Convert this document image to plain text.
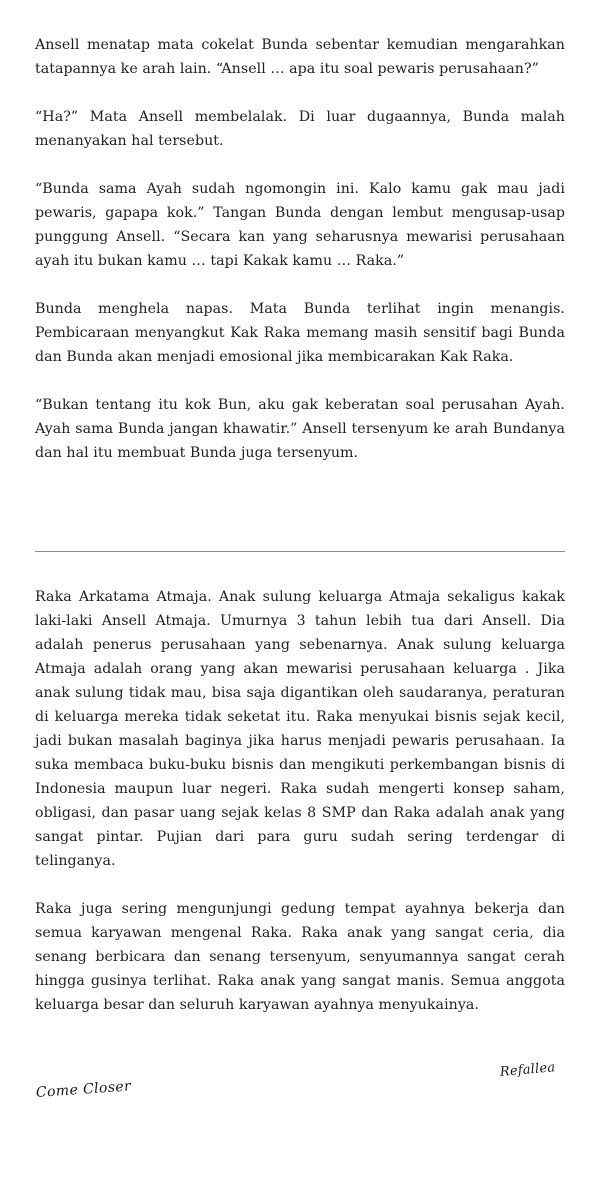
Ansell menatap mata cokelat Bunda sebentar kemudian mengarahkan tatapannya ke arah lain. “Ansell … apa itu soal pewaris perusahaan?”

“Ha?” Mata Ansell membelalak. Di luar dugaannya, Bunda malah menanyakan hal tersebut.

“Bunda sama Ayah sudah ngomongin ini. Kalo kamu gak mau jadi pewaris, gapapa kok.” Tangan Bunda dengan lembut mengusap-usap punggung Ansell. “Secara kan yang seharusnya mewarisi perusahaan ayah itu bukan kamu … tapi Kakak kamu … Raka.”

Bunda menghela napas. Mata Bunda terlihat ingin menangis. Pembicaraan menyangkut Kak Raka memang masih sensitif bagi Bunda dan Bunda akan menjadi emosional jika membicarakan Kak Raka.

“Bukan tentang itu kok Bun, aku gak keberatan soal perusahan Ayah. Ayah sama Bunda jangan khawatir.” Ansell tersenyum ke arah Bundanya dan hal itu membuat Bunda juga tersenyum.

Raka Arkatama Atmaja. Anak sulung keluarga Atmaja sekaligus kakak laki-laki Ansell Atmaja. Umurnya 3 tahun lebih tua dari Ansell. Dia adalah penerus perusahaan yang sebenarnya. Anak sulung keluarga Atmaja adalah orang yang akan mewarisi perusahaan keluarga . Jika anak sulung tidak mau, bisa saja digantikan oleh saudaranya, peraturan di keluarga mereka tidak seketat itu. Raka menyukai bisnis sejak kecil, jadi bukan masalah baginya jika harus menjadi pewaris perusahaan. Ia suka membaca buku-buku bisnis dan mengikuti perkembangan bisnis di Indonesia maupun luar negeri. Raka sudah mengerti konsep saham, obligasi, dan pasar uang sejak kelas 8 SMP dan Raka adalah anak yang sangat pintar. Pujian dari para guru sudah sering terdengar di telinganya.

Raka juga sering mengunjungi gedung tempat ayahnya bekerja dan semua karyawan mengenal Raka. Raka anak yang sangat ceria, dia senang berbicara dan senang tersenyum, senyumannya sangat cerah hingga gusinya terlihat. Raka anak yang sangat manis. Semua anggota keluarga besar dan seluruh karyawan ayahnya menyukainya.

Come Closer
Refallea
